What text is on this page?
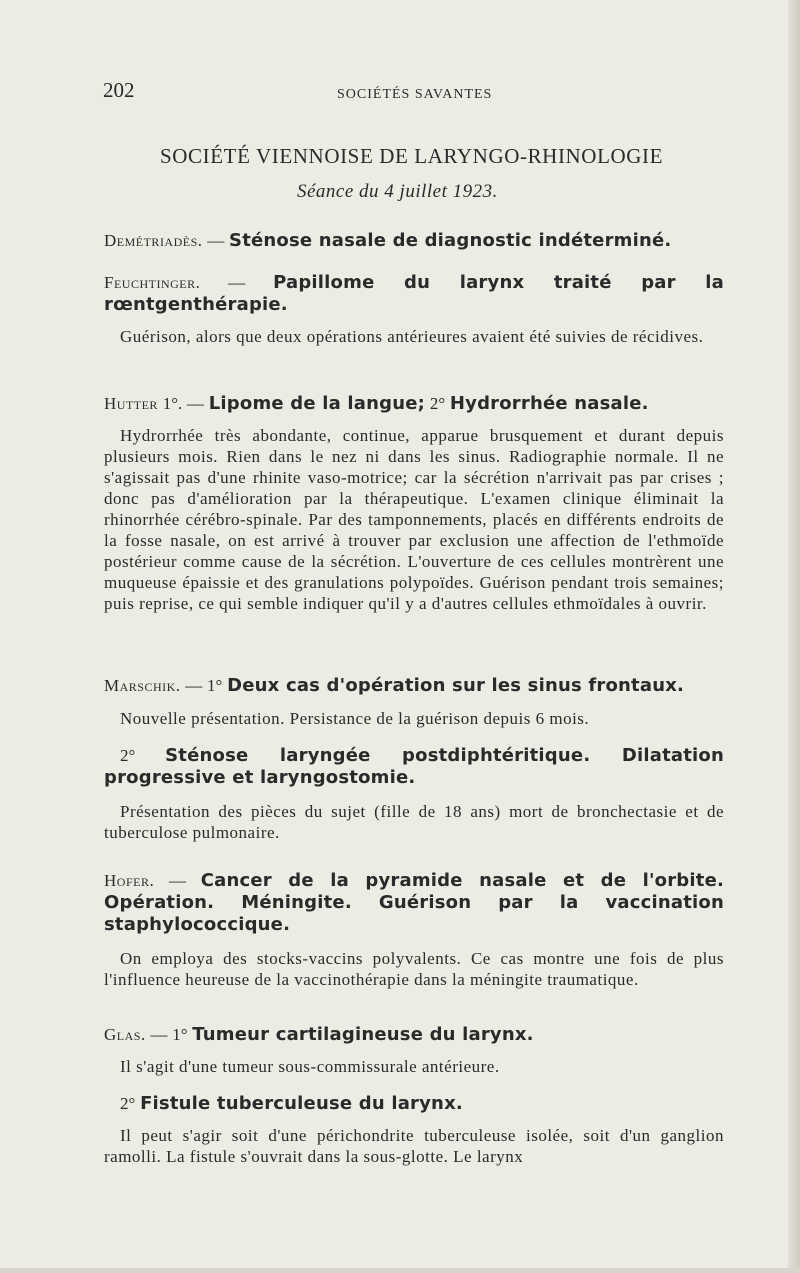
202	SOCIÉTÉS SAVANTES
SOCIÉTÉ VIENNOISE DE LARYNGO-RHINOLOGIE
Séance du 4 juillet 1923.

Demétriadès. — Sténose nasale de diagnostic indéterminé.

Feuchtinger. — Papillome du larynx traité par la rœntgenthérapie.

Guérison, alors que deux opérations antérieures avaient été suivies de récidives.

Hutter 1°. — Lipome de la langue; 2° Hydrorrhée nasale.

Hydrorrhée très abondante, continue, apparue brusquement et durant depuis plusieurs mois. Rien dans le nez ni dans les sinus. Radiographie normale. Il ne s'agissait pas d'une rhinite vaso-motrice; car la sécrétion n'arrivait pas par crises ; donc pas d'amélioration par la thérapeutique. L'examen clinique éliminait la rhinorrhée cérébro-spinale. Par des tamponnements, placés en différents endroits de la fosse nasale, on est arrivé à trouver par exclusion une affection de l'ethmoïde postérieur comme cause de la sécrétion. L'ouverture de ces cellules montrèrent une muqueuse épaissie et des granulations polypoïdes. Guérison pendant trois semaines; puis reprise, ce qui semble indiquer qu'il y a d'autres cellules ethmoïdales à ouvrir.

Marschik. — 1° Deux cas d'opération sur les sinus frontaux.

Nouvelle présentation. Persistance de la guérison depuis 6 mois.

2° Sténose laryngée postdiphtéritique. Dilatation progressive et laryngostomie.

Présentation des pièces du sujet (fille de 18 ans) mort de bronchectasie et de tuberculose pulmonaire.

Hofer. — Cancer de la pyramide nasale et de l'orbite. Opération. Méningite. Guérison par la vaccination staphylococcique.

On employa des stocks-vaccins polyvalents. Ce cas montre une fois de plus l'influence heureuse de la vaccinothérapie dans la méningite traumatique.

Glas. — 1° Tumeur cartilagineuse du larynx.

Il s'agit d'une tumeur sous-commissurale antérieure.

2° Fistule tuberculeuse du larynx.

Il peut s'agir soit d'une périchondrite tuberculeuse isolée, soit d'un ganglion ramolli. La fistule s'ouvrait dans la sous-glotte. Le larynx
